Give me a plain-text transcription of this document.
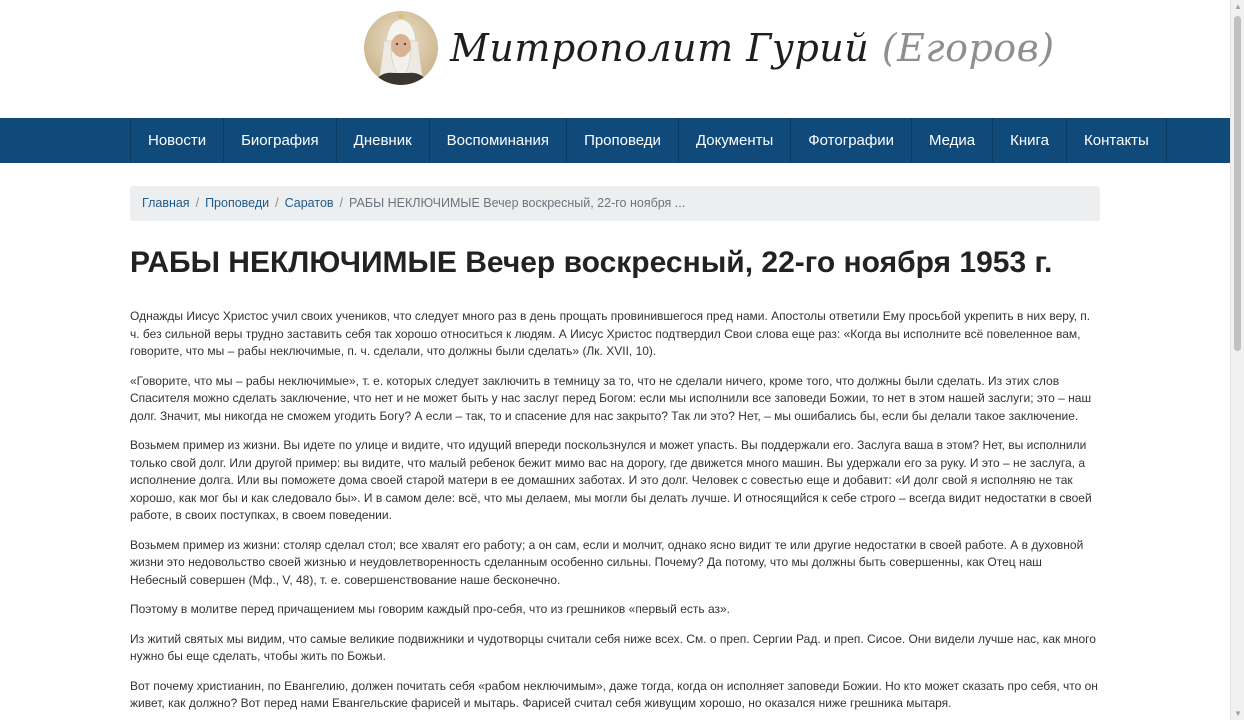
Митрополит Гурий (Егоров)
Новости	Биография	Дневник	Воспоминания	Проповеди	Документы	Фотографии	Медиа	Книга	Контакты
Главная / Проповеди / Саратов / РАБЫ НЕКЛЮЧИМЫЕ Вечер воскресный, 22-го ноября ...
РАБЫ НЕКЛЮЧИМЫЕ Вечер воскресный, 22-го ноября 1953 г.

Однажды Иисус Христос учил своих учеников, что следует много раз в день прощать провинившегося пред нами. Апостолы ответили Ему просьбой укрепить в них веру, п. ч. без сильной веры трудно заставить себя так хорошо относиться к людям. А Иисус Христос подтвердил Свои слова еще раз: «Когда вы исполните всё повеленное вам, говорите, что мы – рабы неключимые, п. ч. сделали, что должны были сделать» (Лк. XVII, 10).

«Говорите, что мы – рабы неключимые», т. е. которых следует заключить в темницу за то, что не сделали ничего, кроме того, что должны были сделать. Из этих слов Спасителя можно сделать заключение, что нет и не может быть у нас заслуг перед Богом: если мы исполнили все заповеди Божии, то нет в этом нашей заслуги; это – наш долг. Значит, мы никогда не сможем угодить Богу? А если – так, то и спасение для нас закрыто? Так ли это? Нет, – мы ошибались бы, если бы делали такое заключение.

Возьмем пример из жизни. Вы идете по улице и видите, что идущий впереди поскользнулся и может упасть. Вы поддержали его. Заслуга ваша в этом? Нет, вы исполнили только свой долг. Или другой пример: вы видите, что малый ребенок бежит мимо вас на дорогу, где движется много машин. Вы удержали его за руку. И это – не заслуга, а исполнение долга. Или вы поможете дома своей старой матери в ее домашних заботах. И это долг. Человек с совестью еще и добавит: «И долг свой я исполняю не так хорошо, как мог бы и как следовало бы». И в самом деле: всё, что мы делаем, мы могли бы делать лучше. И относящийся к себе строго – всегда видит недостатки в своей работе, в своих поступках, в своем поведении.

Возьмем пример из жизни: столяр сделал стол; все хвалят его работу; а он сам, если и молчит, однако ясно видит те или другие недостатки в своей работе. А в духовной жизни это недовольство своей жизнью и неудовлетворенность сделанным особенно сильны. Почему? Да потому, что мы должны быть совершенны, как Отец наш Небесный совершен (Мф., V, 48), т. е. совершенствование наше бесконечно.

Поэтому в молитве перед причащением мы говорим каждый про-себя, что из грешников «первый есть аз».

Из житий святых мы видим, что самые великие подвижники и чудотворцы считали себя ниже всех. См. о преп. Сергии Рад. и преп. Сисое. Они видели лучше нас, как много нужно бы еще сделать, чтобы жить по Божьи.

Вот почему христианин, по Евангелию, должен почитать себя «рабом неключимым», даже тогда, когда он исполняет заповеди Божии. Но кто может сказать про себя, что он живет, как должно? Вот перед нами Евангельские фарисей и мытарь. Фарисей считал себя живущим хорошо, но оказался ниже грешника мытаря.

▲
▼
